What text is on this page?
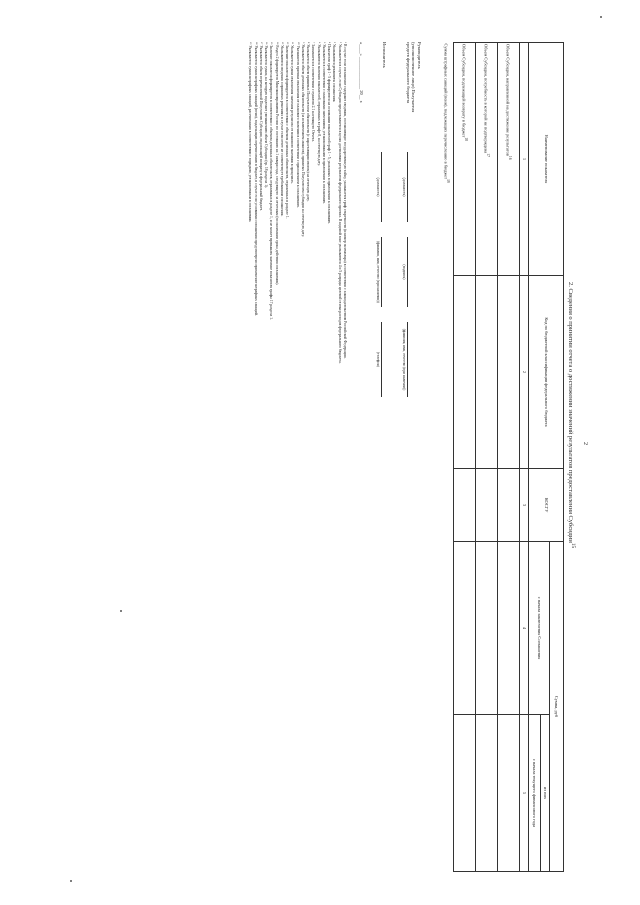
2
2. Сведения о принятии отчета о достижении значений результатов предоставления Субсидии$^{15}$
Наименование показателя	Код по бюджетной классификации федерального бюджета	КОСГУ	Сумма, руб	
			с начала заключения Соглашения	из них
				с начала текущего финансового года
1	2	3	4	5
Объем Субсидии, направленной на достижение результатов$^{16}$				
Объем Субсидии, потребность в которой не подтверждена$^{17}$				
Объем Субсидии, подлежащей возврату в бюджет$^{18}$				
Сумма штрафных санкций (пени), подлежащих перечислению в бюджет$^{19}$				
Руководитель
(уполномоченное лицо) Получателя
средств федерального бюджета
(должность)
(подпись)
(фамилия, имя, отчество (при наличии))
Исполнитель
(должность)
(фамилия, имя, отчество (при наличии))
(телефон)
«____» ______________ 20__ г.
¹ В случае если соглашение содержит сведения, составляющие государственную тайну, указывается гриф секретности (и номер экземпляра) в соответствии с законодательством Российской Федерации.
² Указывается в случае, если Субсидия предоставляется в целях достижения результатов федерального проекта. В кодовой зоне указываются 4 и 5 разряды целевой статьи расходов федерального бюджета.
³ Указываются реквизиты соглашения.
⁴ Показатели граф 1 - 5 формируются на основании показателей граф 1 - 5, указанных в приложении к соглашению.
⁵ Указывается в соответствии с плановыми значениями, установленными в приложении к соглашению.
⁶ Указываются значения показателей, отраженных в графе 8, на отчетную дату.
⁷ Заполняется в соответствии с пунктом 2.1 настоящего Отчета.
⁸ Указывается объем принятых Получателем обязательств (с нарастающим итогом) на отчетную дату.
⁹ Указывается объем денежных обязательств (за исключением авансов), принятых Получателем субсидии на отчетную дату.
¹⁰ Указывается причина отклонения от планового значения в соответствии с приложением к соглашению.
¹¹ Указывается сумма отклонения значения результата от планового значения в процентах.
¹² Значение показателя формируется в соответствии с объемом денежных обязательств, отраженных в разделе 1.
¹³ Указываются сведения о принятых решениях в случае если отчет не соответствует требованиям соглашения.
¹⁴ Раздел 2 формируется Минэкономразвития России по состоянию на 1 января года, следующего за отчетным (по окончании срока действия соглашения).
¹⁵ Значение показателя формируется в соответствии с объемом денежных обязательств, отраженных в разделе 1, и не может превышать значение показателя графы 17 раздела 1.
¹⁶ Указывается сумма, на которую подлежит уменьшению объем Субсидии (гр. 18 раздела 1).
¹⁷ Указывается объем перечисленной Получателю Субсидии, подлежащей возврату в федеральный бюджет.
¹⁸ Указывается сумма штрафных санкций (пени), подлежащих перечислению в бюджет, в случае если условиями соглашения предусмотрено применение штрафных санкций.
¹⁹ Указывается сумма штрафных санкций, рассчитанная в соответствии с порядком, установленным в соглашении.
